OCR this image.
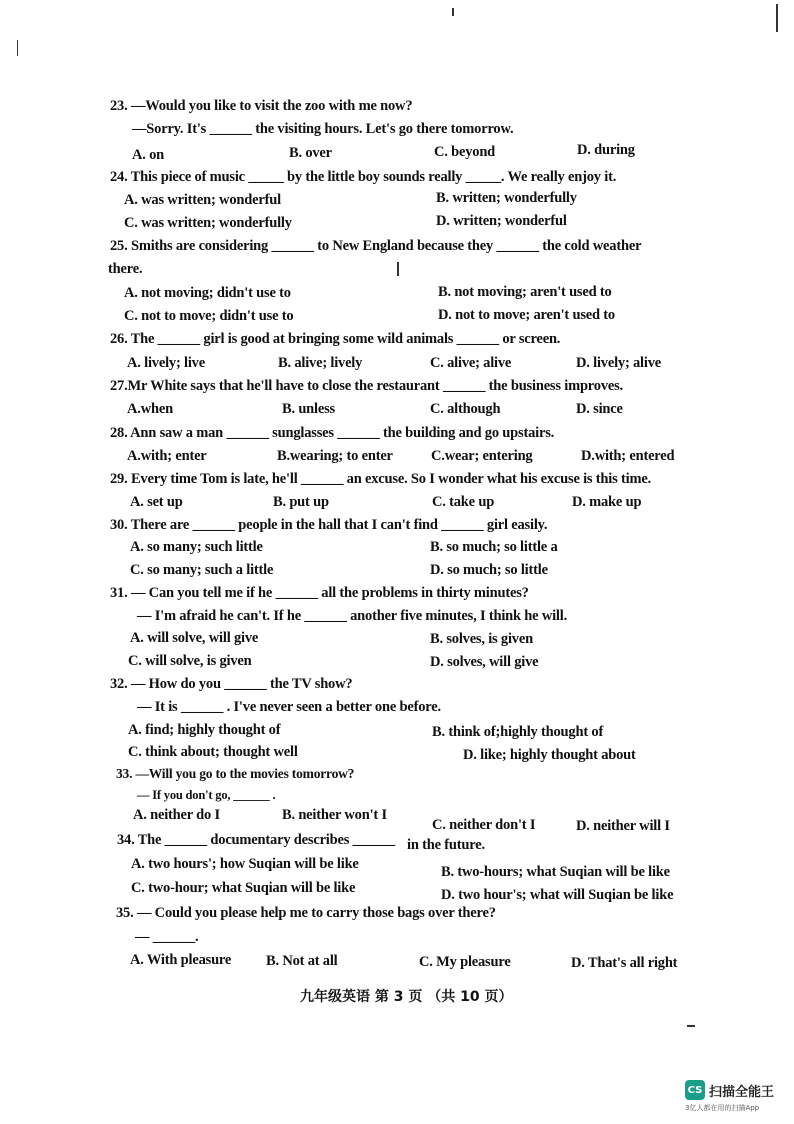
23. —Would you like to visit the zoo with me now?
—Sorry. It's ______ the visiting hours. Let's go there tomorrow.
A. on	B. over	C. beyond	D. during
24. This piece of music _____ by the little boy sounds really _____. We really enjoy it.
A. was written; wonderful	B. written; wonderfully
C. was written; wonderfully	D. written; wonderful
25. Smiths are considering ______ to New England because they ______ the cold weather
there.
A. not moving; didn't use to	B. not moving; aren't used to
C. not to move; didn't use to	D. not to move; aren't used to
26. The ______ girl is good at bringing some wild animals ______ or screen.
A. lively; live	B. alive; lively	C. alive; alive	D. lively; alive
27.Mr White says that he'll have to close the restaurant ______ the business improves.
A.when	B. unless	C. although	D. since
28. Ann saw a man ______ sunglasses ______ the building and go upstairs.
A.with; enter	B.wearing; to enter	C.wear; entering	D.with; entered
29. Every time Tom is late, he'll ______ an excuse. So I wonder what his excuse is this time.
A. set up	B. put up	C. take up	D. make up
30. There are ______ people in the hall that I can't find ______ girl easily.
A. so many; such little	B. so much; so little a
C. so many; such a little	D. so much; so little
31. — Can you tell me if he ______ all the problems in thirty minutes?
— I'm afraid he can't. If he ______ another five minutes, I think he will.
A. will solve, will give	B. solves, is given
C. will solve, is given	D. solves, will give
32. — How do you ______ the TV show?
— It is ______ . I've never seen a better one before.
A. find; highly thought of	B. think of;highly thought of
C. think about; thought well	D. like; highly thought about
33. —Will you go to the movies tomorrow?
— If you don't go, ______ .
A. neither do I	B. neither won't I
C. neither don't I	D. neither will I
34. The ______ documentary describes ______ in the future.
A. two hours'; how Suqian will be like	B. two-hours; what Suqian will be like
C. two-hour; what Suqian will be like	D. two hour's; what will Suqian be like
35. — Could you please help me to carry those bags over there?
— ______.
A. With pleasure B. Not at all	C. My pleasure	D. That's all right
九年级英语 第 3 页 （共 10 页）
CS 扫描全能王
3亿人都在用的扫描App
